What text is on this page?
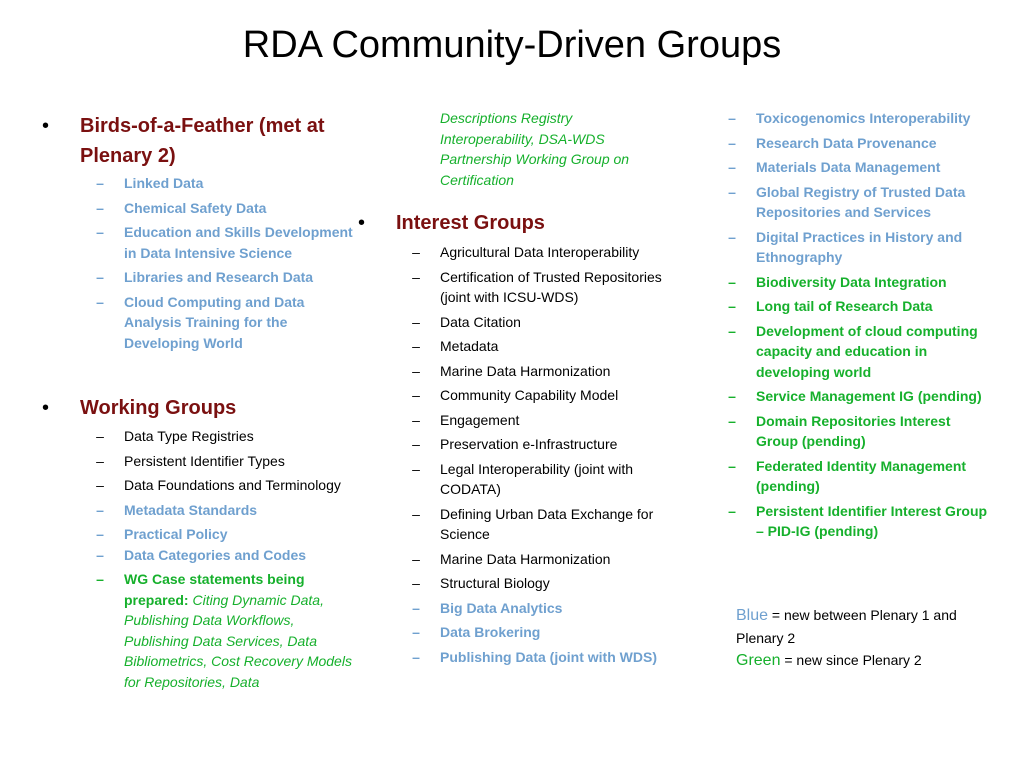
RDA Community-Driven Groups
• Birds-of-a-Feather (met at Plenary 2)
–	Linked Data
–	Chemical Safety Data
–	Education and Skills Development in Data Intensive Science
–	Libraries and Research Data
–	Cloud Computing and Data Analysis Training for the Developing World
• Working Groups
–	Data Type Registries
–	Persistent Identifier Types
–	Data Foundations and Terminology
–	Metadata Standards
–	Practical Policy
–	Data Categories and Codes
–	WG Case statements being prepared: Citing Dynamic Data, Publishing Data Workflows, Publishing Data Services, Data Bibliometrics, Cost Recovery Models for Repositories, Data
Descriptions Registry Interoperability, DSA-WDS Partnership Working Group on Certification
• Interest Groups
–	Agricultural Data Interoperability
–	Certification of Trusted Repositories (joint with ICSU-WDS)
–	Data Citation
–	Metadata
–	Marine Data Harmonization
–	Community Capability Model
–	Engagement
–	Preservation e-Infrastructure
–	Legal Interoperability (joint with CODATA)
–	Defining Urban Data Exchange for Science
–	Marine Data Harmonization
–	Structural Biology
–	Big Data Analytics
–	Data Brokering
–	Publishing Data (joint with WDS)
–	Toxicogenomics Interoperability
–	Research Data Provenance
–	Materials Data Management
–	Global Registry of Trusted Data Repositories and Services
–	Digital Practices in History and Ethnography
–	Biodiversity Data Integration
–	Long tail of Research Data
–	Development of cloud computing capacity and education in developing world
–	Service Management IG (pending)
–	Domain Repositories Interest Group (pending)
–	Federated Identity Management (pending)
–	Persistent Identifier Interest Group – PID-IG (pending)
Blue = new between Plenary 1 and Plenary 2
Green = new since Plenary 2
